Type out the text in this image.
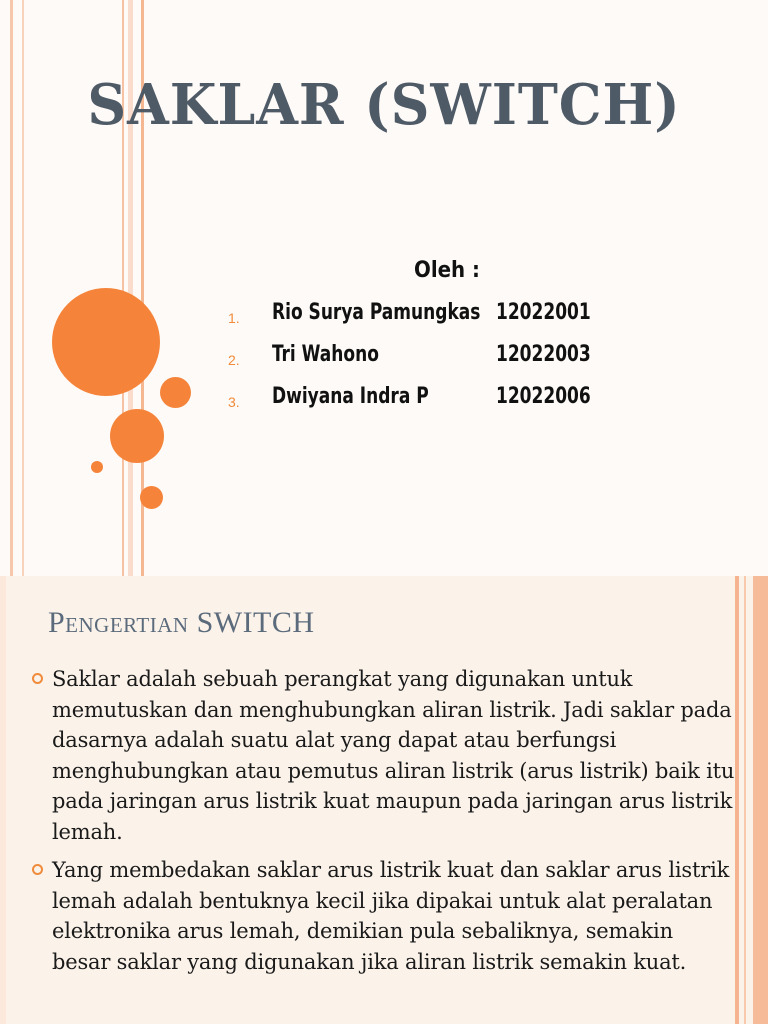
SAKLAR (SWITCH)
Oleh :
1. Rio Surya Pamungkas 12022001
2. Tri Wahono	12022003
3. Dwiyana Indra P	12022006
Pengertian SWITCH
Saklar adalah sebuah perangkat yang digunakan untuk memutuskan dan menghubungkan aliran listrik. Jadi saklar pada dasarnya adalah suatu alat yang dapat atau berfungsi menghubungkan atau pemutus aliran listrik (arus listrik) baik itu pada jaringan arus listrik kuat maupun pada jaringan arus listrik lemah.
Yang membedakan saklar arus listrik kuat dan saklar arus listrik lemah adalah bentuknya kecil jika dipakai untuk alat peralatan elektronika arus lemah, demikian pula sebaliknya, semakin besar saklar yang digunakan jika aliran listrik semakin kuat.
